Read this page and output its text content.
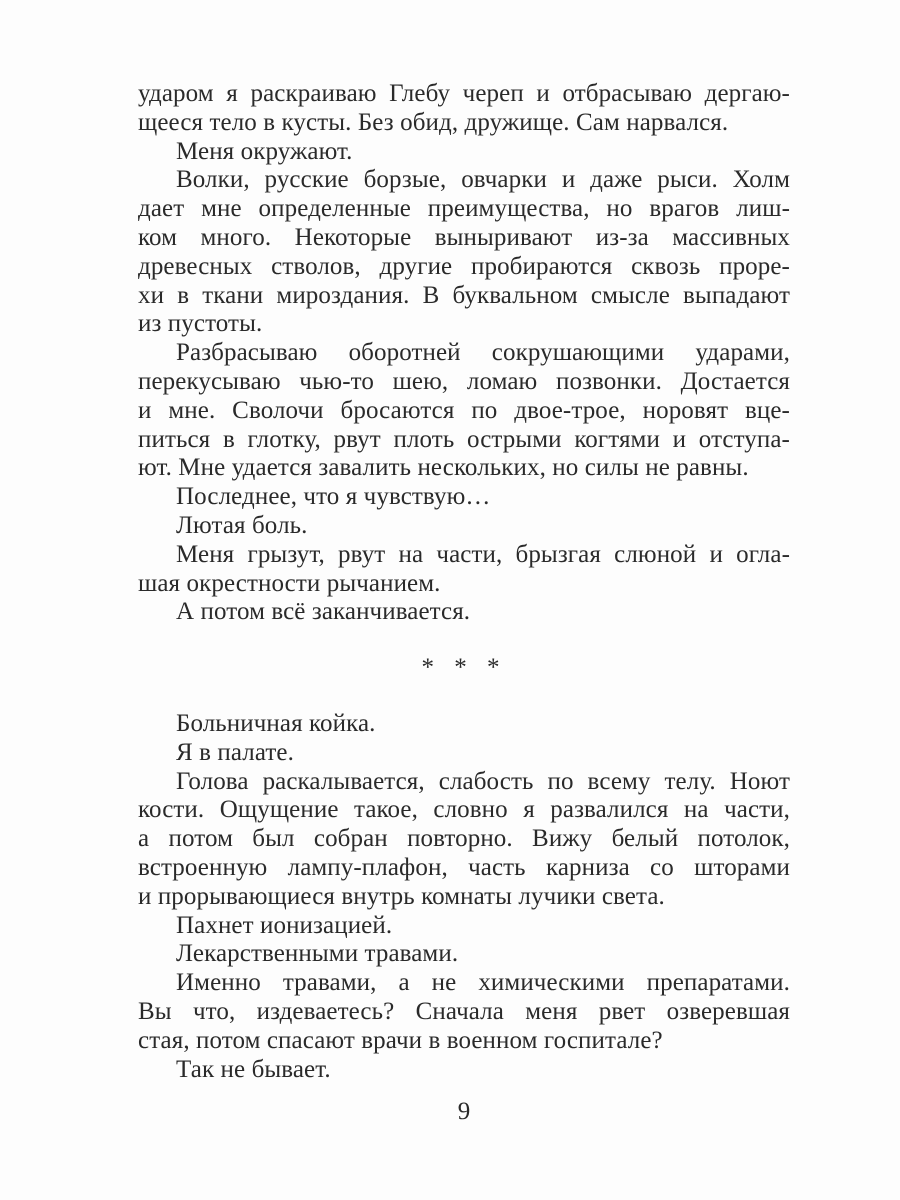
ударом я раскраиваю Глебу череп и отбрасываю дергаю-
щееся тело в кусты. Без обид, дружище. Сам нарвался.
Меня окружают.
Волки, русские борзые, овчарки и даже рыси. Холм
дает мне определенные преимущества, но врагов лиш-
ком много. Некоторые выныривают из-за массивных
древесных стволов, другие пробираются сквозь проре-
хи в ткани мироздания. В буквальном смысле выпадают
из пустоты.
Разбрасываю оборотней сокрушающими ударами,
перекусываю чью-то шею, ломаю позвонки. Достается
и мне. Сволочи бросаются по двое-трое, норовят вце-
питься в глотку, рвут плоть острыми когтями и отступа-
ют. Мне удается завалить нескольких, но силы не равны.
Последнее, что я чувствую…
Лютая боль.
Меня грызут, рвут на части, брызгая слюной и огла-
шая окрестности рычанием.
А потом всё заканчивается.
* * *
Больничная койка.
Я в палате.
Голова раскалывается, слабость по всему телу. Ноют
кости. Ощущение такое, словно я развалился на части,
а потом был собран повторно. Вижу белый потолок,
встроенную лампу-плафон, часть карниза со шторами
и прорывающиеся внутрь комнаты лучики света.
Пахнет ионизацией.
Лекарственными травами.
Именно травами, а не химическими препаратами.
Вы что, издеваетесь? Сначала меня рвет озверевшая
стая, потом спасают врачи в военном госпитале?
Так не бывает.
9
